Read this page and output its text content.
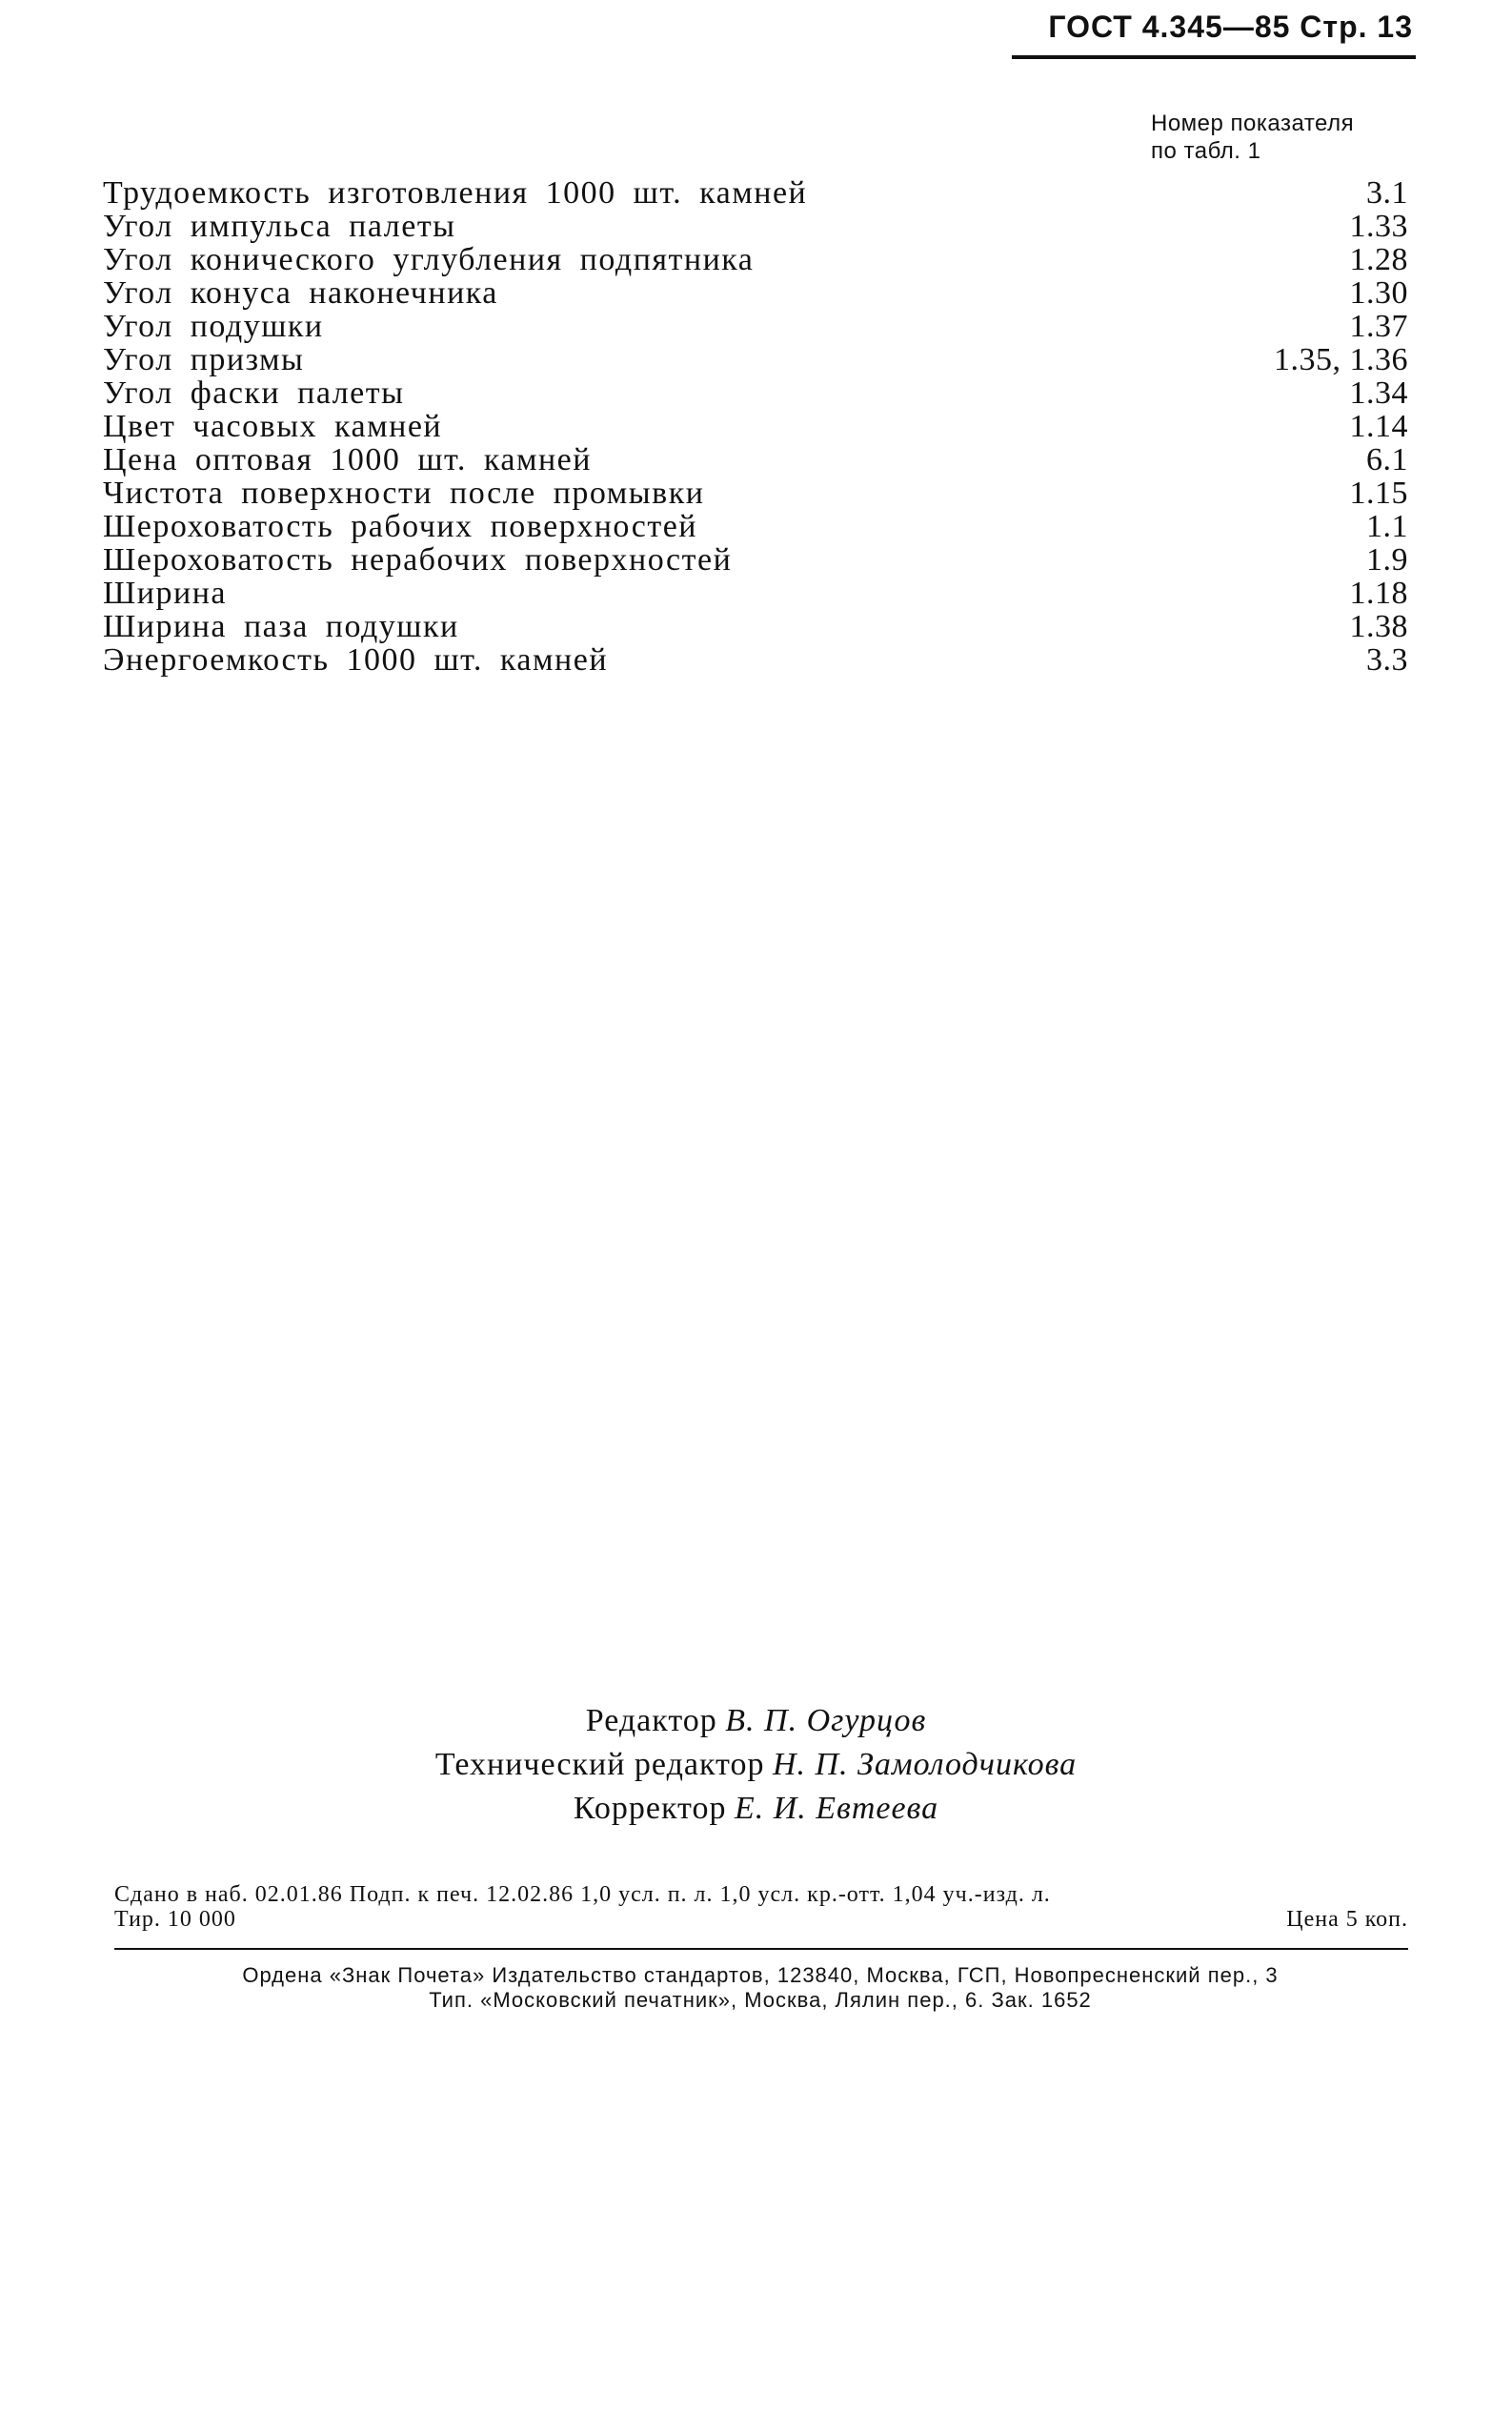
ГОСТ 4.345—85 Стр. 13
Номер показателя
по табл. 1
Трудоемкость изготовления 1000 шт. камней	3.1
Угол импульса палеты	1.33
Угол конического углубления подпятника	1.28
Угол конуса наконечника	1.30
Угол подушки	1.37
Угол призмы	1.35, 1.36
Угол фаски палеты	1.34
Цвет часовых камней	1.14
Цена оптовая 1000 шт. камней	6.1
Чистота поверхности после промывки	1.15
Шероховатость рабочих поверхностей	1.1
Шероховатость нерабочих поверхностей	1.9
Ширина	1.18
Ширина паза подушки	1.38
Энергоемкость 1000 шт. камней	3.3
Редактор В. П. Огурцов
Технический редактор Н. П. Замолодчикова
Корректор Е. И. Евтеева
Сдано в наб. 02.01.86 Подп. к печ. 12.02.86 1,0 усл. п. л. 1,0 усл. кр.-отт. 1,04 уч.-изд. л.
Тир. 10 000	Цена 5 коп.
Ордена «Знак Почета» Издательство стандартов, 123840, Москва, ГСП, Новопресненский пер., 3
Тип. «Московский печатник», Москва, Лялин пер., 6. Зак. 1652
